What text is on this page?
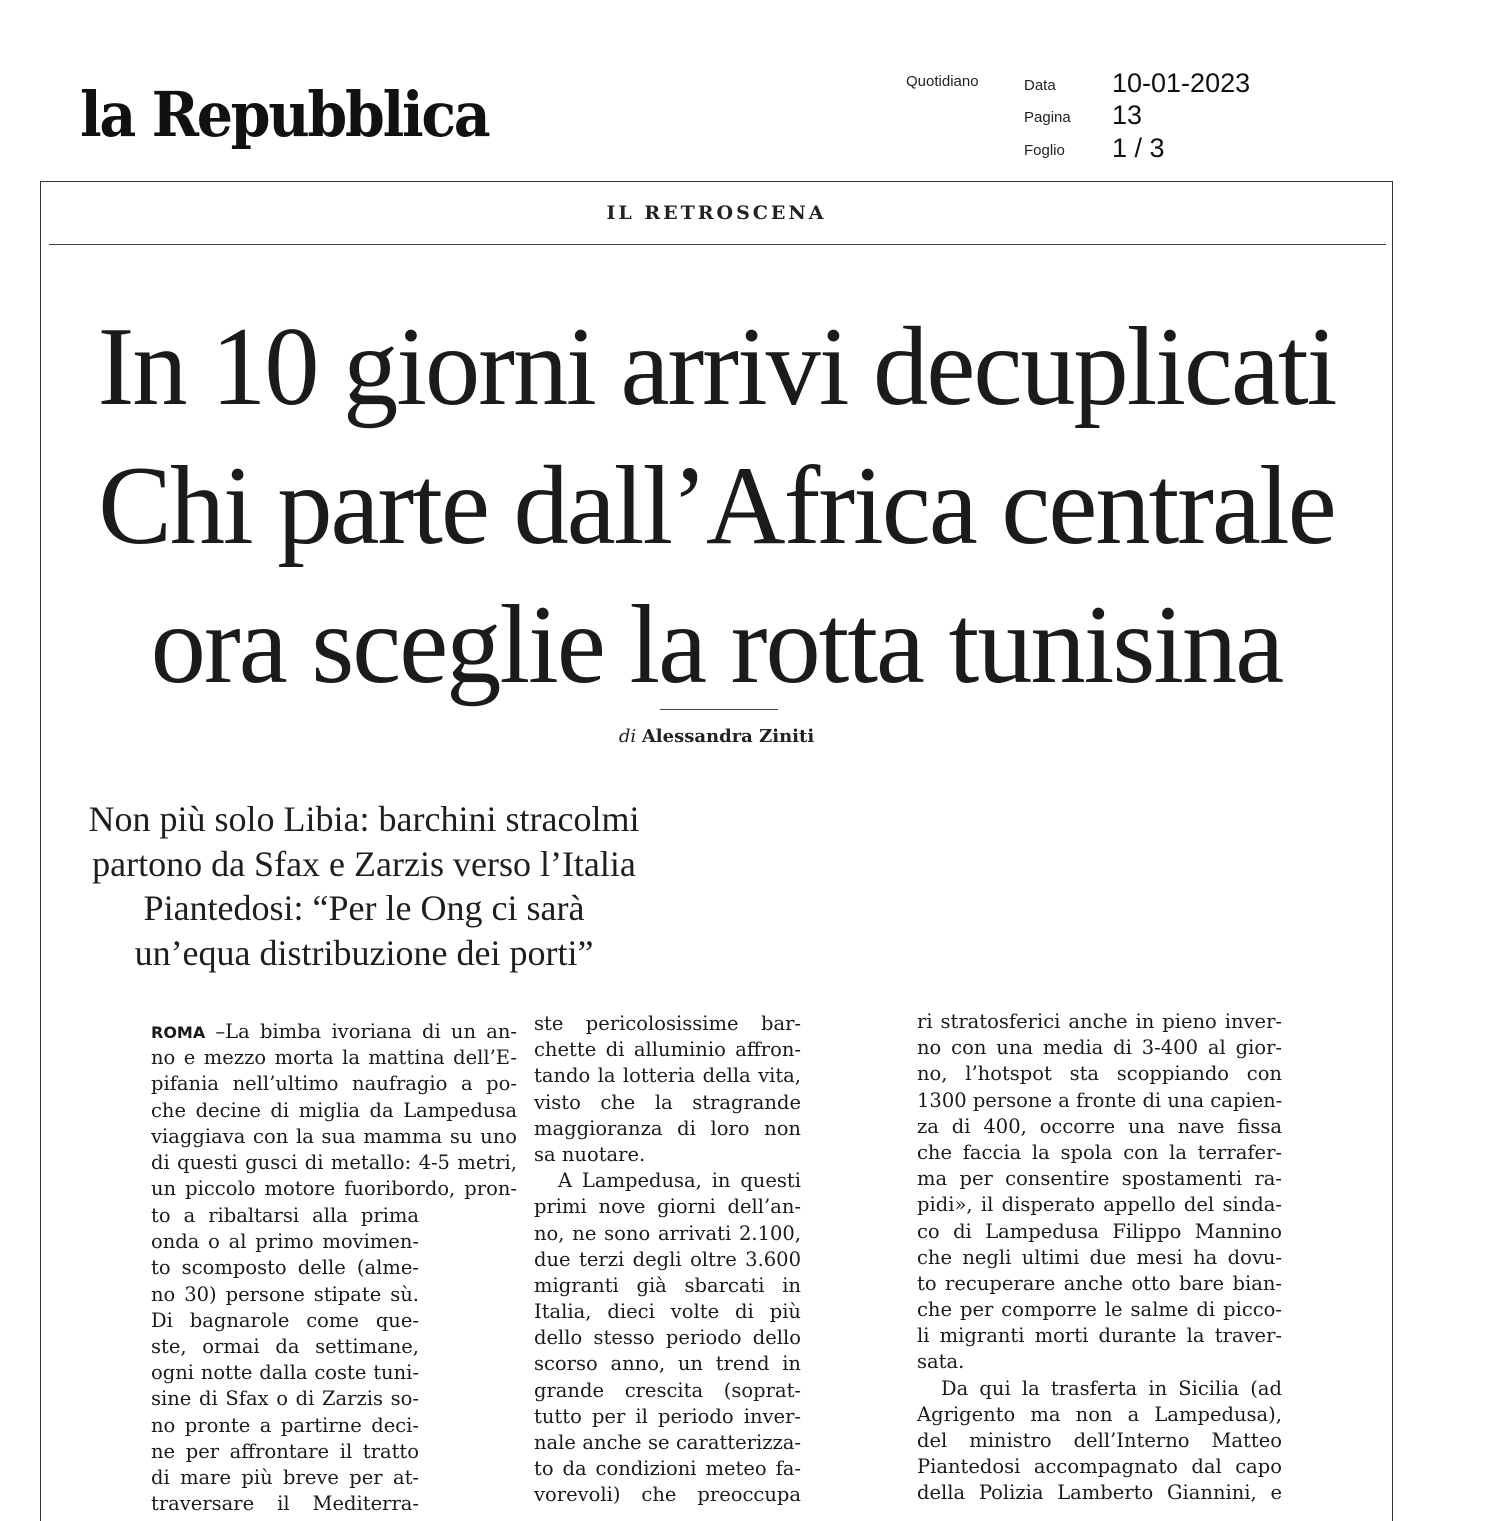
la Repubblica	Quotidiano	Data 10-01-2023
Pagina 13
Foglio 1 / 3
IL RETROSCENA
In 10 giorni arrivi decuplicati
Chi parte dall’Africa centrale
ora sceglie la rotta tunisina
di Alessandra Ziniti
Non più solo Libia: barchini stracolmi
partono da Sfax e Zarzis verso l’Italia
Piantedosi: “Per le Ong ci sarà
un’equa distribuzione dei porti”
ROMA –La bimba ivoriana di un an-
no e mezzo morta la mattina dell’E-
pifania nell’ultimo naufragio a po-
che decine di miglia da Lampedusa
viaggiava con la sua mamma su uno
di questi gusci di metallo: 4-5 metri,
un piccolo motore fuoribordo, pron-
to a ribaltarsi alla prima
onda o al primo movimen-
to scomposto delle (alme-
no 30) persone stipate sù.
Di bagnarole come que-
ste, ormai da settimane,
ogni notte dalla coste tuni-
sine di Sfax o di Zarzis so-
no pronte a partirne deci-
ne per affrontare il tratto
di mare più breve per at-
traversare il Mediterra-
ste pericolosissime bar-
chette di alluminio affron-
tando la lotteria della vita,
visto che la stragrande
maggioranza di loro non
sa nuotare.
A Lampedusa, in questi
primi nove giorni dell’an-
no, ne sono arrivati 2.100,
due terzi degli oltre 3.600
migranti già sbarcati in
Italia, dieci volte di più
dello stesso periodo dello
scorso anno, un trend in
grande crescita (soprat-
tutto per il periodo inver-
nale anche se caratterizza-
to da condizioni meteo fa-
vorevoli) che preoccupa
ri stratosferici anche in pieno inver-
no con una media di 3-400 al gior-
no, l’hotspot sta scoppiando con
1300 persone a fronte di una capien-
za di 400, occorre una nave fissa
che faccia la spola con la terrafer-
ma per consentire spostamenti ra-
pidi», il disperato appello del sinda-
co di Lampedusa Filippo Mannino
che negli ultimi due mesi ha dovu-
to recuperare anche otto bare bian-
che per comporre le salme di picco-
li migranti morti durante la traver-
sata.
Da qui la trasferta in Sicilia (ad
Agrigento ma non a Lampedusa),
del ministro dell’Interno Matteo
Piantedosi accompagnato dal capo
della Polizia Lamberto Giannini, e
